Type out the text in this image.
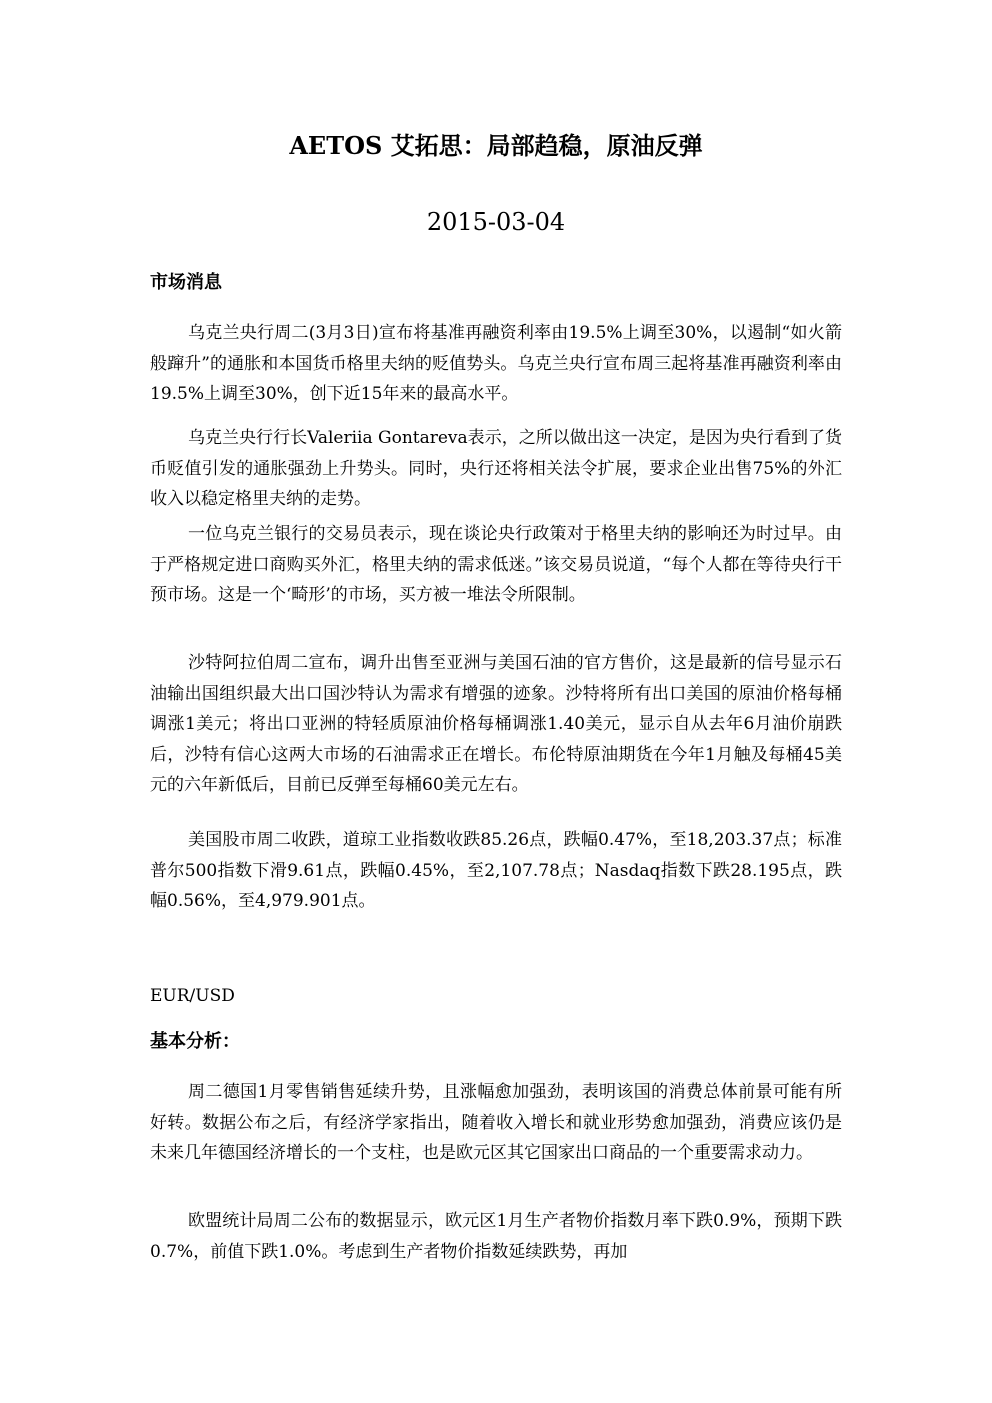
AETOS 艾拓思：局部趋稳，原油反弹
2015-03-04
市场消息
乌克兰央行周二(3月3日)宣布将基准再融资利率由19.5%上调至30%，以遏制“如火箭般蹿升”的通胀和本国货币格里夫纳的贬值势头。乌克兰央行宣布周三起将基准再融资利率由19.5%上调至30%，创下近15年来的最高水平。
乌克兰央行行长Valeriia Gontareva表示，之所以做出这一决定，是因为央行看到了货币贬值引发的通胀强劲上升势头。同时，央行还将相关法令扩展，要求企业出售75%的外汇收入以稳定格里夫纳的走势。
一位乌克兰银行的交易员表示，现在谈论央行政策对于格里夫纳的影响还为时过早。由于严格规定进口商购买外汇，格里夫纳的需求低迷。”该交易员说道，“每个人都在等待央行干预市场。这是一个‘畸形’的市场，买方被一堆法令所限制。
沙特阿拉伯周二宣布，调升出售至亚洲与美国石油的官方售价，这是最新的信号显示石油输出国组织最大出口国沙特认为需求有增强的迹象。沙特将所有出口美国的原油价格每桶调涨1美元；将出口亚洲的特轻质原油价格每桶调涨1.40美元，显示自从去年6月油价崩跌后，沙特有信心这两大市场的石油需求正在增长。布伦特原油期货在今年1月触及每桶45美元的六年新低后，目前已反弹至每桶60美元左右。
美国股市周二收跌，道琼工业指数收跌85.26点，跌幅0.47%，至18,203.37点；标准普尔500指数下滑9.61点，跌幅0.45%，至2,107.78点；Nasdaq指数下跌28.195点，跌幅0.56%，至4,979.901点。
EUR/USD
基本分析：
周二德国1月零售销售延续升势，且涨幅愈加强劲，表明该国的消费总体前景可能有所好转。数据公布之后，有经济学家指出，随着收入增长和就业形势愈加强劲，消费应该仍是未来几年德国经济增长的一个支柱，也是欧元区其它国家出口商品的一个重要需求动力。
欧盟统计局周二公布的数据显示，欧元区1月生产者物价指数月率下跌0.9%，预期下跌0.7%，前值下跌1.0%。考虑到生产者物价指数延续跌势，再加
